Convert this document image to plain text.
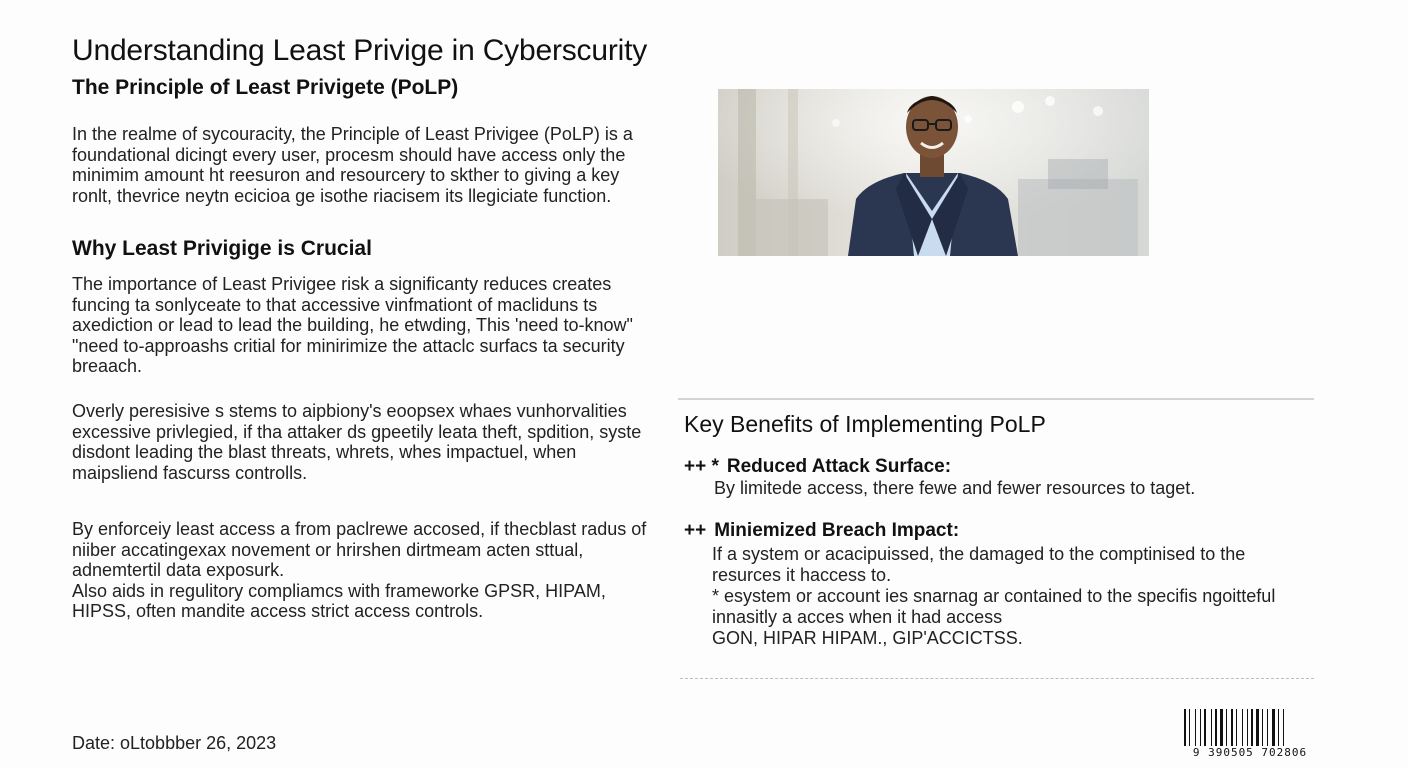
Understanding Least Privige in Cyberscurity
The Principle of Least Privigete (PoLP)

In the realme of sycouracity, the Principle of Least Privigee (PoLP) is a foundational dicingt every user, procesm should have access only the minimim amount ht reesuron and resourcery to skther to giving a key ronlt, thevrice neytn ecicioa ge isothe riacisem its llegiciate function.

Why Least Privigige is Crucial

The importance of Least Privigee risk a significanty reduces creates funcing ta sonlyceate to that accessive vinfmationt of macliduns ts axediction or lead to lead the building, he etwding, This 'need to-know" "need to-approashs critial for minirimize the attaclc surfacs ta security breaach.

Overly peresisive s stems to aipbiony's eoopsex whaes vunhorvalities excessive privlegied, if tha attaker ds gpeetily leata theft, spdition, syste disdont leading the blast threats, whrets, whes impactuel, when maipsliend fascurss controlls.

By enforceiy least access a from paclrewe accosed, if thecblast radus of niiber accatingexax novement or hrirshen dirtmeam acten sttual, adnemtertil data exposurk.
Also aids in regulitory compliamcs with frameworke GPSR, HIPAM, HIPSS, often mandite access strict access controls.
Date: oLtobbber 26, 2023
Key Benefits of Implementing PoLP
++ * Reduced Attack Surface:

By limitede access, there fewe and fewer resources to taget.

++ Miniemized Breach Impact:

If a system or acacipuissed, the damaged to the comptinised to the resurces it haccess to.

* esystem or account ies snarnag ar contained to the specifis ngoitteful innasitly a acces when it had access

GON, HIPAR HIPAM., GIP'ACCICTSS.

9 390505 702806
